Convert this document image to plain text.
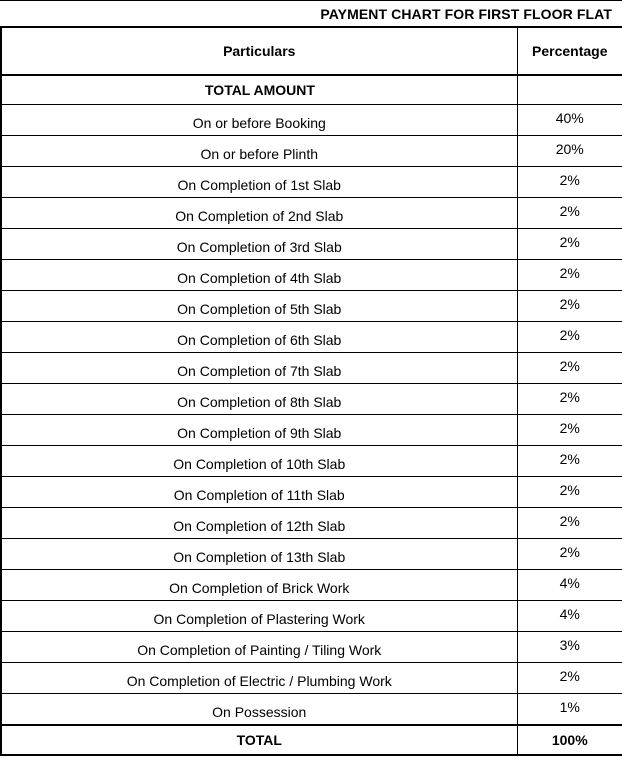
PAYMENT CHART FOR FIRST FLOOR FLAT
Particulars	Percentage
TOTAL AMOUNT	
On or before Booking	40%
On or before Plinth	20%
On Completion of 1st Slab	2%
On Completion of 2nd Slab	2%
On Completion of 3rd Slab	2%
On Completion of 4th Slab	2%
On Completion of 5th Slab	2%
On Completion of 6th Slab	2%
On Completion of 7th Slab	2%
On Completion of 8th Slab	2%
On Completion of 9th Slab	2%
On Completion of 10th Slab	2%
On Completion of 11th Slab	2%
On Completion of 12th Slab	2%
On Completion of 13th Slab	2%
On Completion of Brick Work	4%
On Completion of Plastering Work	4%
On Completion of Painting / Tiling Work	3%
On Completion of Electric / Plumbing Work	2%
On Possession	1%
TOTAL	100%
